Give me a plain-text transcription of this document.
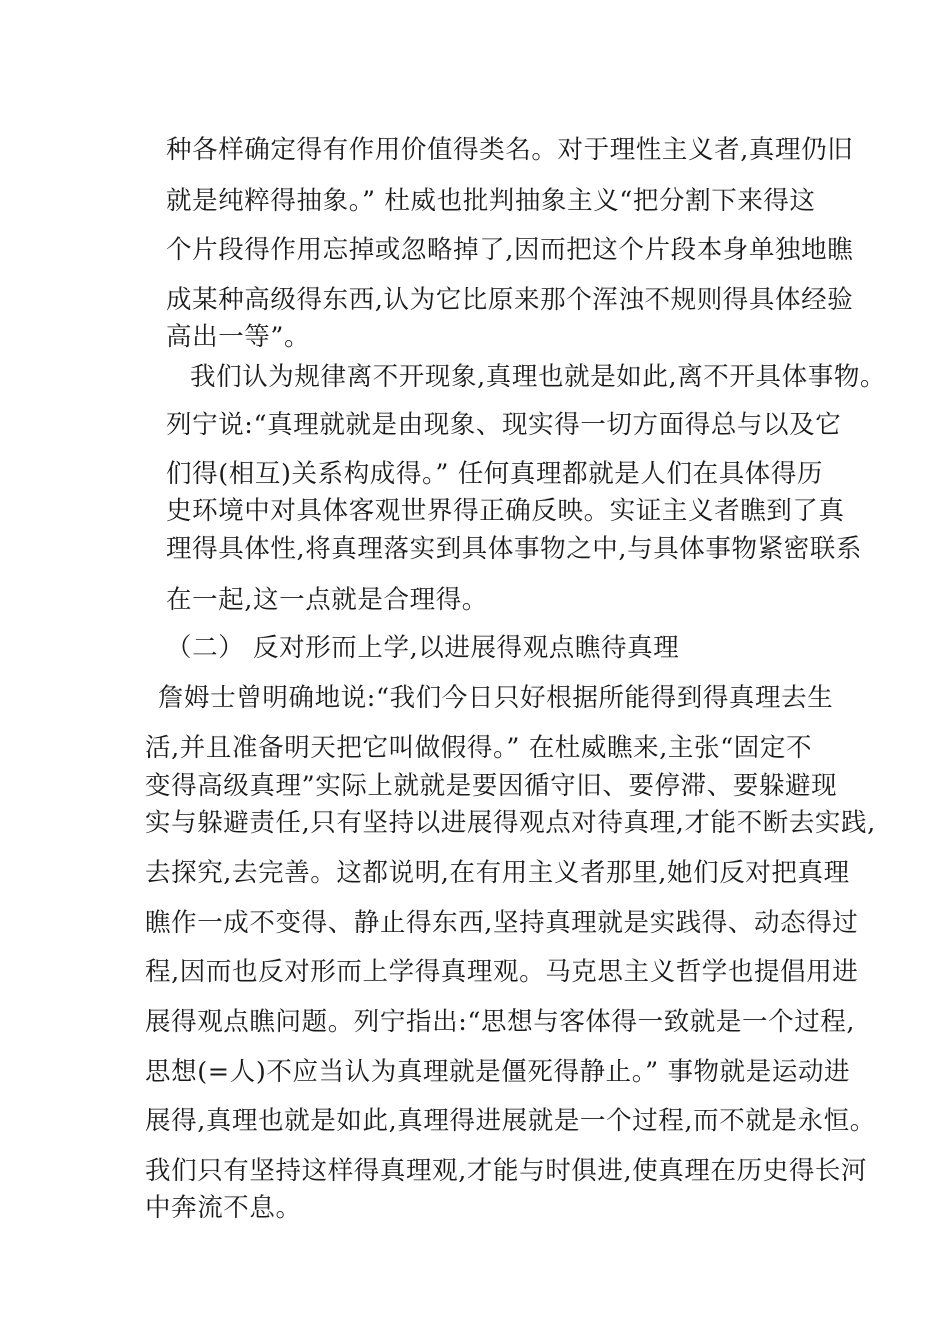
种各样确定得有作用价值得类名。对于理性主义者,真理仍旧
就是纯粹得抽象。” 杜威也批判抽象主义“把分割下来得这
个片段得作用忘掉或忽略掉了,因而把这个片段本身单独地瞧
成某种高级得东西,认为它比原来那个浑浊不规则得具体经验
高出一等”。
我们认为规律离不开现象,真理也就是如此,离不开具体事物。
列宁说:“真理就就是由现象、现实得一切方面得总与以及它
们得(相互)关系构成得。” 任何真理都就是人们在具体得历
史环境中对具体客观世界得正确反映。实证主义者瞧到了真
理得具体性,将真理落实到具体事物之中,与具体事物紧密联系
在一起,这一点就是合理得。
（二） 反对形而上学,以进展得观点瞧待真理
詹姆士曾明确地说:“我们今日只好根据所能得到得真理去生
活,并且准备明天把它叫做假得。” 在杜威瞧来,主张“固定不
变得高级真理”实际上就就是要因循守旧、要停滞、要躲避现
实与躲避责任,只有坚持以进展得观点对待真理,才能不断去实践,
去探究,去完善。这都说明,在有用主义者那里,她们反对把真理
瞧作一成不变得、静止得东西,坚持真理就是实践得、动态得过
程,因而也反对形而上学得真理观。马克思主义哲学也提倡用进
展得观点瞧问题。列宁指出:“思想与客体得一致就是一个过程,
思想(=人)不应当认为真理就是僵死得静止。” 事物就是运动进
展得,真理也就是如此,真理得进展就是一个过程,而不就是永恒。
我们只有坚持这样得真理观,才能与时俱进,使真理在历史得长河
中奔流不息。
